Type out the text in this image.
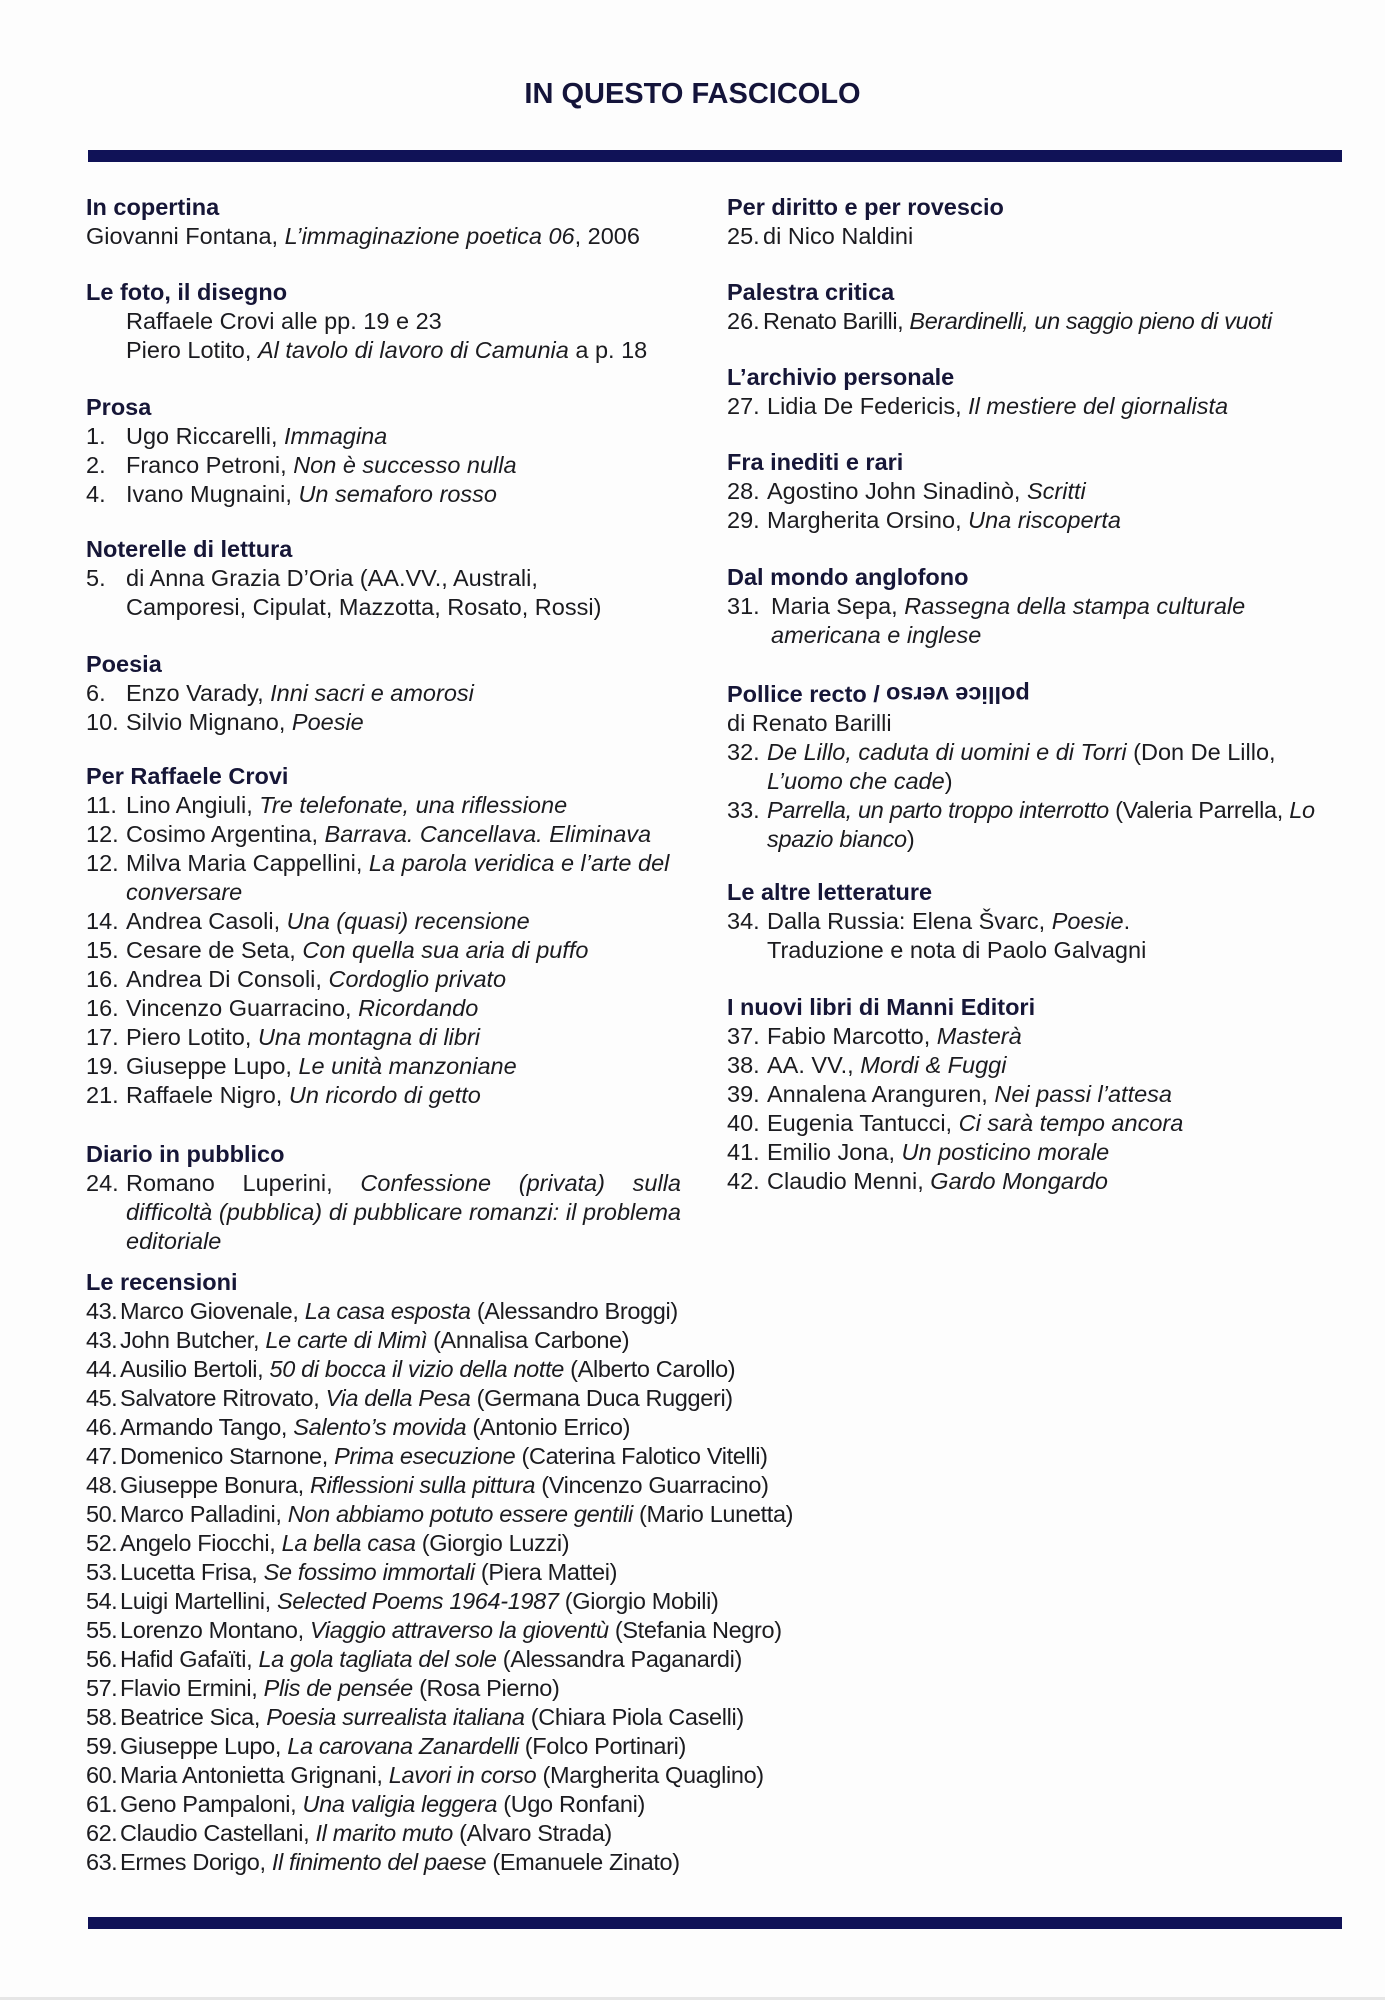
IN QUESTO FASCICOLO
In copertina
Giovanni Fontana, L’immaginazione poetica 06, 2006
Le foto, il disegno
Raffaele Crovi alle pp. 19 e 23
Piero Lotito, Al tavolo di lavoro di Camunia a p. 18
Prosa
1. Ugo Riccarelli, Immagina
2. Franco Petroni, Non è successo nulla
4. Ivano Mugnaini, Un semaforo rosso
Noterelle di lettura
5. di Anna Grazia D’Oria (AA.VV., Australi, Camporesi, Cipulat, Mazzotta, Rosato, Rossi)
Poesia
6. Enzo Varady, Inni sacri e amorosi
10. Silvio Mignano, Poesie
Per Raffaele Crovi
11. Lino Angiuli, Tre telefonate, una riflessione
12. Cosimo Argentina, Barrava. Cancellava. Eliminava
12. Milva Maria Cappellini, La parola veridica e l’arte del conversare
14. Andrea Casoli, Una (quasi) recensione
15. Cesare de Seta, Con quella sua aria di puffo
16. Andrea Di Consoli, Cordoglio privato
16. Vincenzo Guarracino, Ricordando
17. Piero Lotito, Una montagna di libri
19. Giuseppe Lupo, Le unità manzoniane
21. Raffaele Nigro, Un ricordo di getto
Diario in pubblico
24. Romano Luperini, Confessione (privata) sulla difficoltà (pubblica) di pubblicare romanzi: il problema editoriale
Per diritto e per rovescio
25. di Nico Naldini
Palestra critica
26. Renato Barilli, Berardinelli, un saggio pieno di vuoti
L’archivio personale
27. Lidia De Federicis, Il mestiere del giornalista
Fra inediti e rari
28. Agostino John Sinadinò, Scritti
29. Margherita Orsino, Una riscoperta
Dal mondo anglofono
31. Maria Sepa, Rassegna della stampa culturale americana e inglese
Pollice recto / pollice verso
di Renato Barilli
32. De Lillo, caduta di uomini e di Torri (Don De Lillo, L’uomo che cade)
33. Parrella, un parto troppo interrotto (Valeria Parrella, Lo spazio bianco)
Le altre letterature
34. Dalla Russia: Elena Švarc, Poesie. Traduzione e nota di Paolo Galvagni
I nuovi libri di Manni Editori
37. Fabio Marcotto, Masterà
38. AA. VV., Mordi & Fuggi
39. Annalena Aranguren, Nei passi l’attesa
40. Eugenia Tantucci, Ci sarà tempo ancora
41. Emilio Jona, Un posticino morale
42. Claudio Menni, Gardo Mongardo
Le recensioni
43. Marco Giovenale, La casa esposta (Alessandro Broggi)
43. John Butcher, Le carte di Mimì (Annalisa Carbone)
44. Ausilio Bertoli, 50 di bocca il vizio della notte (Alberto Carollo)
45. Salvatore Ritrovato, Via della Pesa (Germana Duca Ruggeri)
46. Armando Tango, Salento’s movida (Antonio Errico)
47. Domenico Starnone, Prima esecuzione (Caterina Falotico Vitelli)
48. Giuseppe Bonura, Riflessioni sulla pittura (Vincenzo Guarracino)
50. Marco Palladini, Non abbiamo potuto essere gentili (Mario Lunetta)
52. Angelo Fiocchi, La bella casa (Giorgio Luzzi)
53. Lucetta Frisa, Se fossimo immortali (Piera Mattei)
54. Luigi Martellini, Selected Poems 1964-1987 (Giorgio Mobili)
55. Lorenzo Montano, Viaggio attraverso la gioventù (Stefania Negro)
56. Hafid Gafaïti, La gola tagliata del sole (Alessandra Paganardi)
57. Flavio Ermini, Plis de pensée (Rosa Pierno)
58. Beatrice Sica, Poesia surrealista italiana (Chiara Piola Caselli)
59. Giuseppe Lupo, La carovana Zanardelli (Folco Portinari)
60. Maria Antonietta Grignani, Lavori in corso (Margherita Quaglino)
61. Geno Pampaloni, Una valigia leggera (Ugo Ronfani)
62. Claudio Castellani, Il marito muto (Alvaro Strada)
63. Ermes Dorigo, Il finimento del paese (Emanuele Zinato)
